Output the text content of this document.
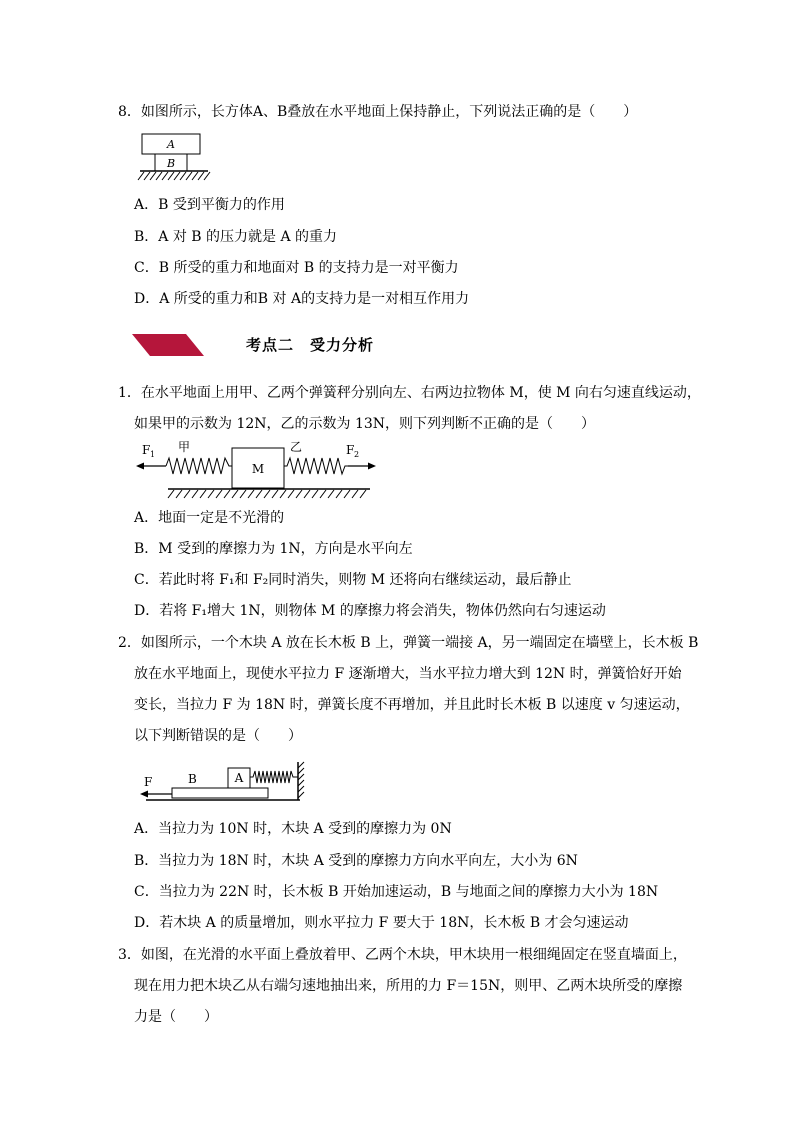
8．如图所示，长方体A、B叠放在水平地面上保持静止，下列说法正确的是（　　）
A
B
A．B 受到平衡力的作用
B．A 对 B 的压力就是 A 的重力
C．B 所受的重力和地面对 B 的支持力是一对平衡力
D．A 所受的重力和B 对 A的支持力是一对相互作用力
考点二　受力分析
1．在水平地面上用甲、乙两个弹簧秤分别向左、右两边拉物体 M，使 M 向右匀速直线运动，
如果甲的示数为 12N，乙的示数为 13N，则下列判断不正确的是（　　）
F 1
甲
M
乙	F 2
A．地面一定是不光滑的
B．M 受到的摩擦力为 1N，方向是水平向左
C．若此时将 F₁和 F₂同时消失，则物 M 还将向右继续运动，最后静止
D．若将 F₁增大 1N，则物体 M 的摩擦力将会消失，物体仍然向右匀速运动
2．如图所示，一个木块 A 放在长木板 B 上，弹簧一端接 A，另一端固定在墙壁上，长木板 B
放在水平地面上，现使水平拉力 F 逐渐增大，当水平拉力增大到 12N 时，弹簧恰好开始
变长，当拉力 F 为 18N 时，弹簧长度不再增加，并且此时长木板 B 以速度 v 匀速运动，
以下判断错误的是（　　）
F	B	A
A．当拉力为 10N 时，木块 A 受到的摩擦力为 0N
B．当拉力为 18N 时，木块 A 受到的摩擦力方向水平向左，大小为 6N
C．当拉力为 22N 时，长木板 B 开始加速运动，B 与地面之间的摩擦力大小为 18N
D．若木块 A 的质量增加，则水平拉力 F 要大于 18N，长木板 B 才会匀速运动
3．如图，在光滑的水平面上叠放着甲、乙两个木块，甲木块用一根细绳固定在竖直墙面上，
现在用力把木块乙从右端匀速地抽出来，所用的力 F＝15N，则甲、乙两木块所受的摩擦
力是（　　）
